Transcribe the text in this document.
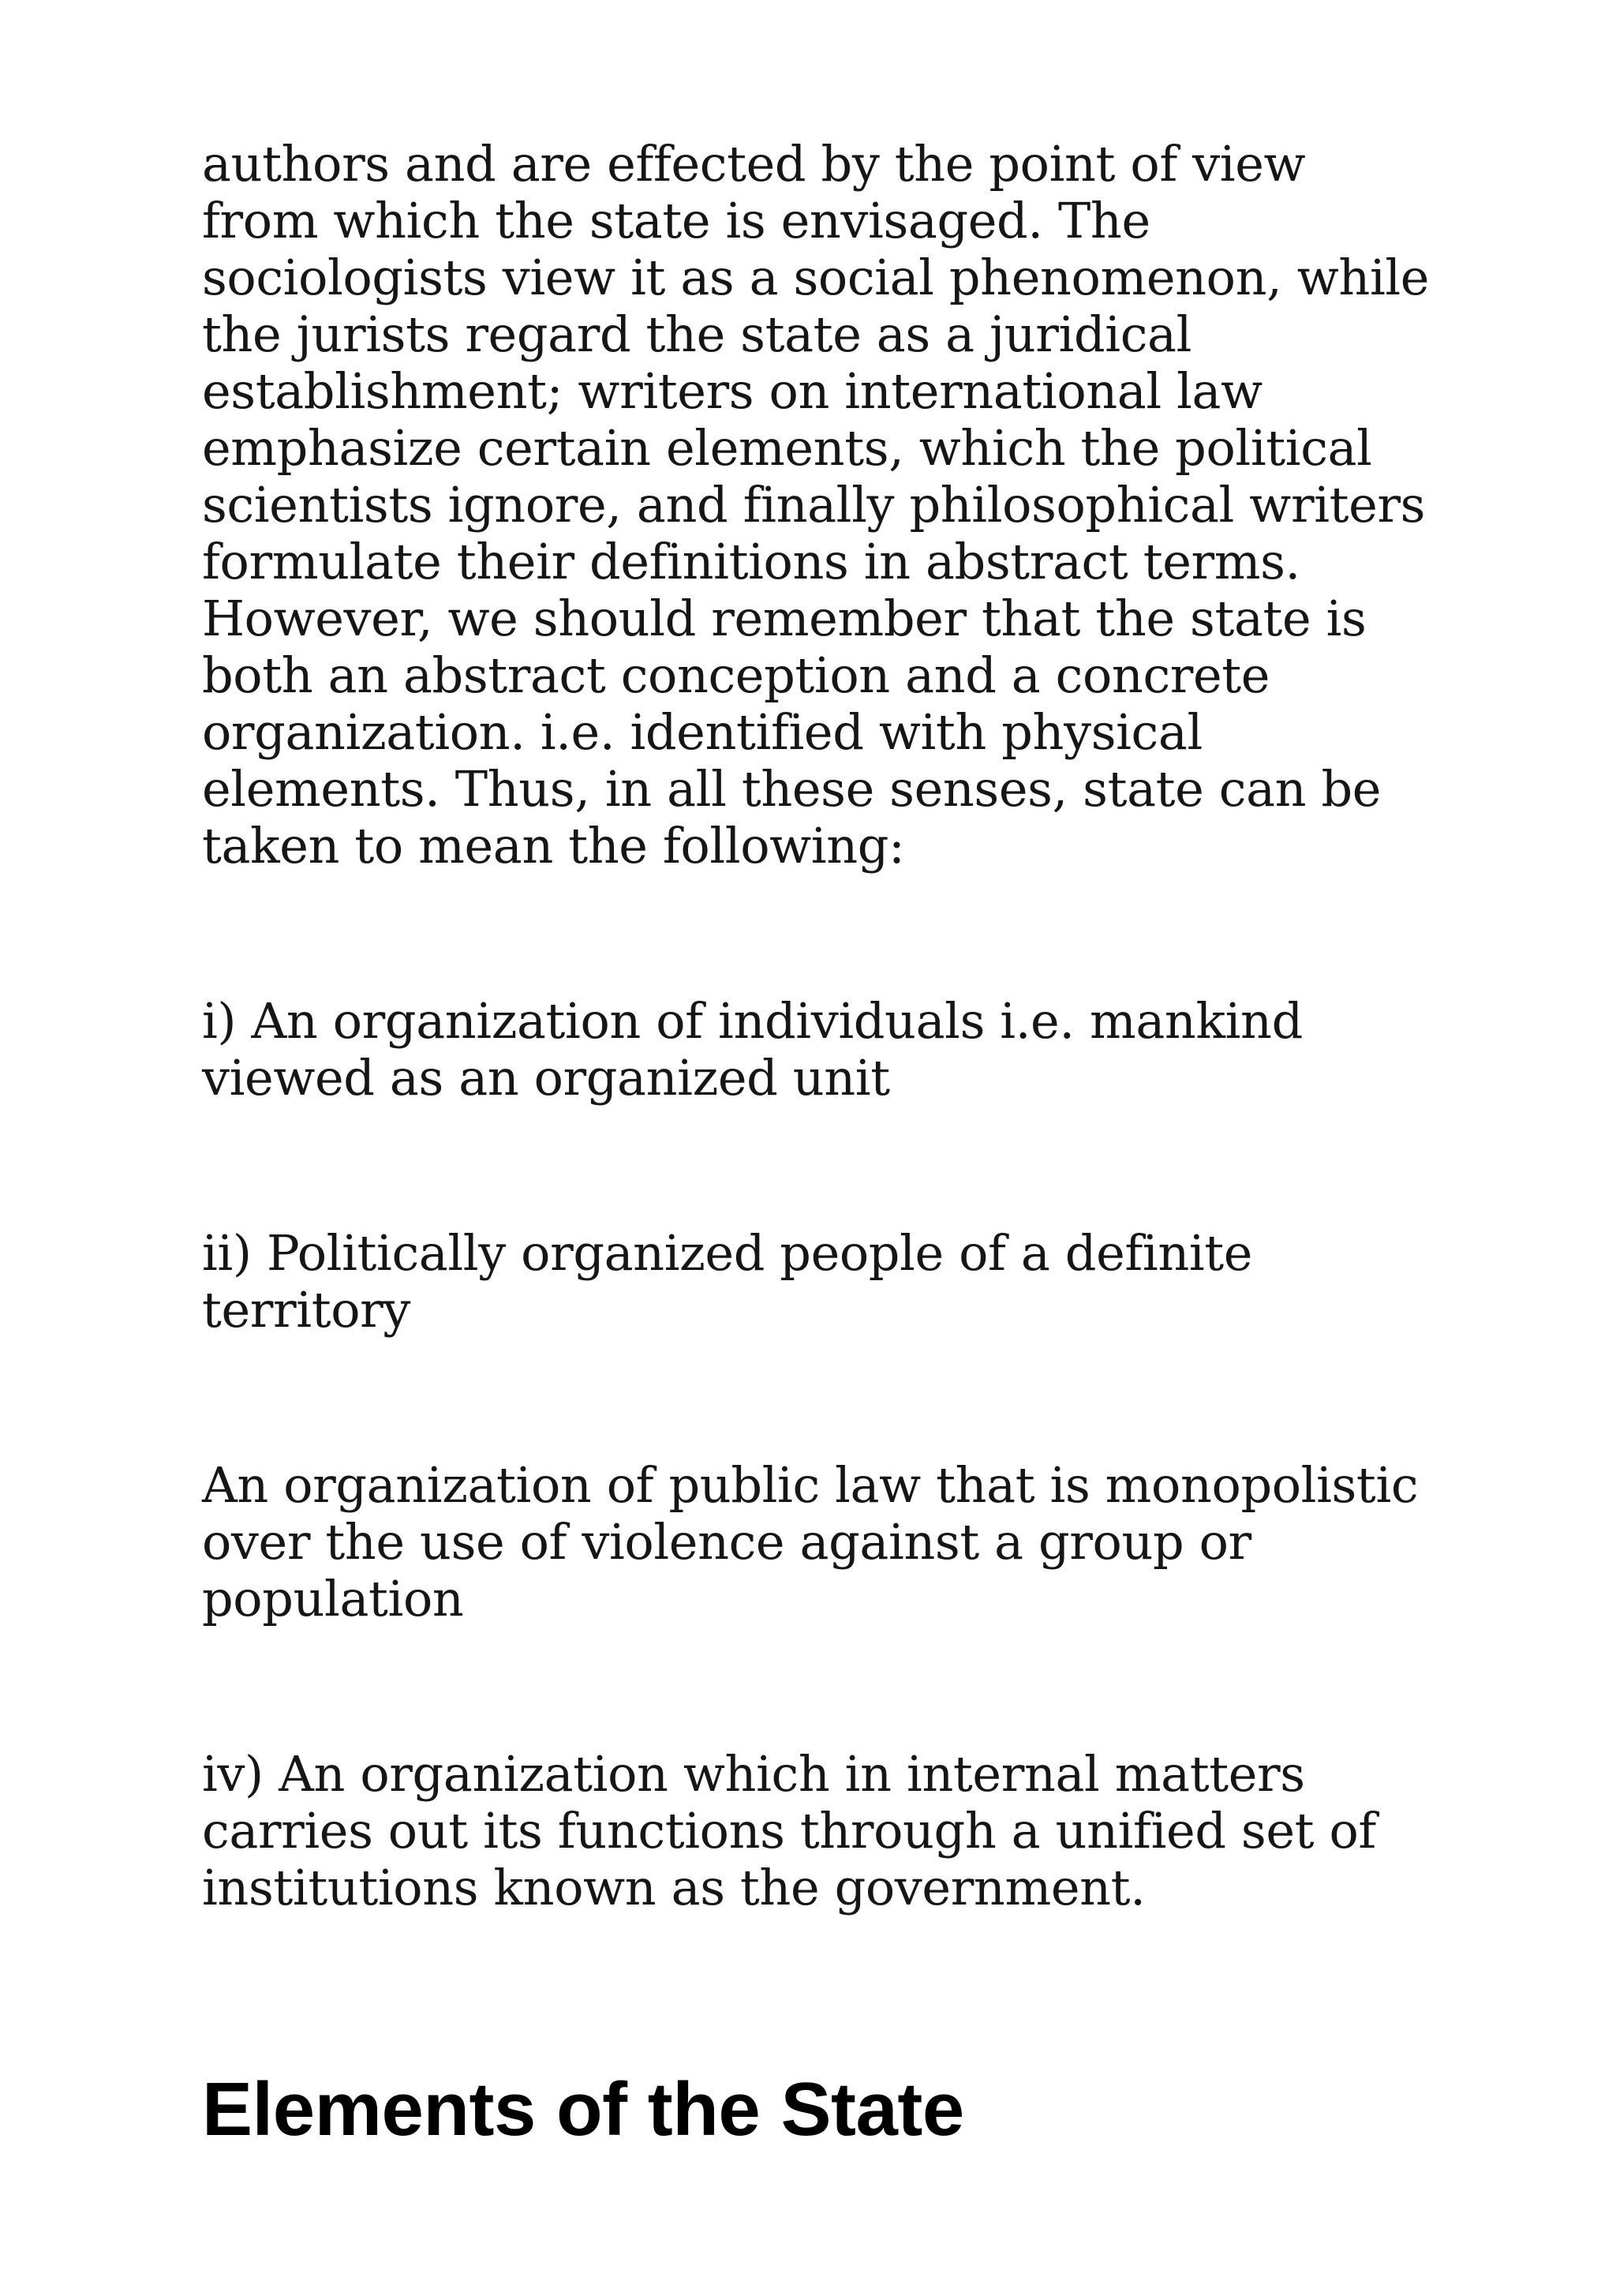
authors and are effected by the point of view from which the state is envisaged. The sociologists view it as a social phenomenon, while the jurists regard the state as a juridical establishment; writers on international law emphasize certain elements, which the political scientists ignore, and finally philosophical writers formulate their definitions in abstract terms. However, we should remember that the state is both an abstract conception and a concrete organization. i.e. identified with physical elements. Thus, in all these senses, state can be taken to mean the following:

i) An organization of individuals i.e. mankind viewed as an organized unit

ii) Politically organized people of a definite territory

An organization of public law that is monopolistic over the use of violence against a group or population

iv) An organization which in internal matters carries out its functions through a unified set of institutions known as the government.

Elements of the State
